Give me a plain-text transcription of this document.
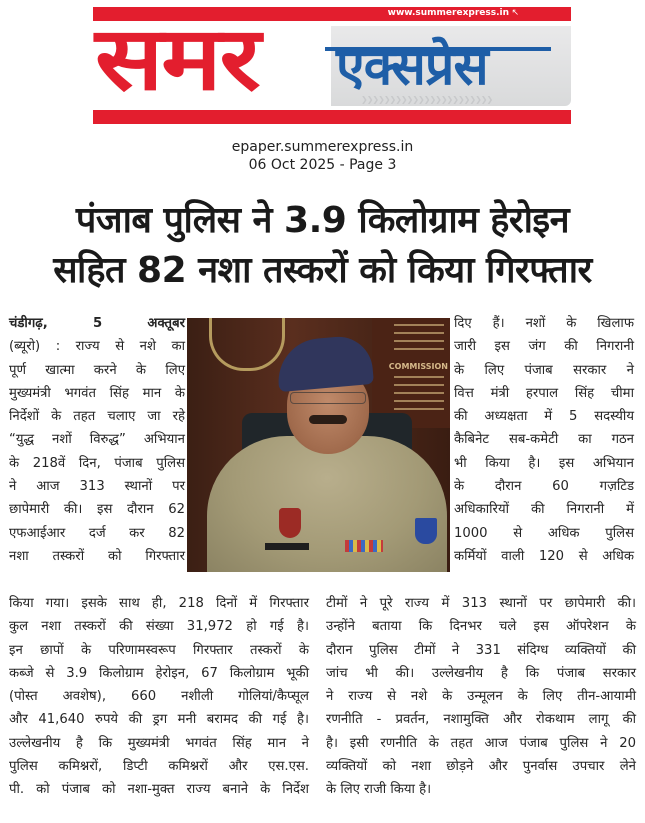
www.summerexpress.in ↖
समर एक्सप्रेस
❯❯❯❯❯❯❯❯❯❯❯❯❯❯❯❯❯❯❯❯❯❯❯
epaper.summerexpress.in
06 Oct 2025 - Page 3
पंजाब पुलिस ने 3.9 किलोग्राम हेरोइन
सहित 82 नशा तस्करों को किया गिरफ्तार
COMMISSION
चंडीगढ़, 5 अक्तूबर
(ब्यूरो) : राज्य से नशे का
पूर्ण खात्मा करने के लिए
मुख्यमंत्री भगवंत सिंह मान के
निर्देशों के तहत चलाए जा रहे
“युद्ध नशों विरुद्ध” अभियान
के 218वें दिन, पंजाब पुलिस
ने आज 313 स्थानों पर
छापेमारी की। इस दौरान 62
एफआईआर दर्ज कर 82
नशा तस्करों को गिरफ्तार
किया गया। इसके साथ ही, 218 दिनों में गिरफ्तार
कुल नशा तस्करों की संख्या 31,972 हो गई है।
इन छापों के परिणामस्वरूप गिरफ्तार तस्करों के
कब्जे से 3.9 किलोग्राम हेरोइन, 67 किलोग्राम भूकी
(पोस्त अवशेष), 660 नशीली गोलियां/कैप्सूल
और 41,640 रुपये की ड्रग मनी बरामद की गई है।
उल्लेखनीय है कि मुख्यमंत्री भगवंत सिंह मान ने
पुलिस कमिश्नरों, डिप्टी कमिश्नरों और एस.एस.
पी. को पंजाब को नशा-मुक्त राज्य बनाने के निर्देश
दिए हैं। नशों के खिलाफ
जारी इस जंग की निगरानी
के लिए पंजाब सरकार ने
वित्त मंत्री हरपाल सिंह चीमा
की अध्यक्षता में 5 सदस्यीय
कैबिनेट सब-कमेटी का गठन
भी किया है। इस अभियान
के दौरान 60 गज़टिड
अधिकारियों की निगरानी में
1000 से अधिक पुलिस
कर्मियों वाली 120 से अधिक
टीमों ने पूरे राज्य में 313 स्थानों पर छापेमारी की।
उन्होंने बताया कि दिनभर चले इस ऑपरेशन के
दौरान पुलिस टीमों ने 331 संदिग्ध व्यक्तियों की
जांच भी की। उल्लेखनीय है कि पंजाब सरकार
ने राज्य से नशे के उन्मूलन के लिए तीन-आयामी
रणनीति - प्रवर्तन, नशामुक्ति और रोकथाम लागू की
है। इसी रणनीति के तहत आज पंजाब पुलिस ने 20
व्यक्तियों को नशा छोड़ने और पुनर्वास उपचार लेने
के लिए राजी किया है।
